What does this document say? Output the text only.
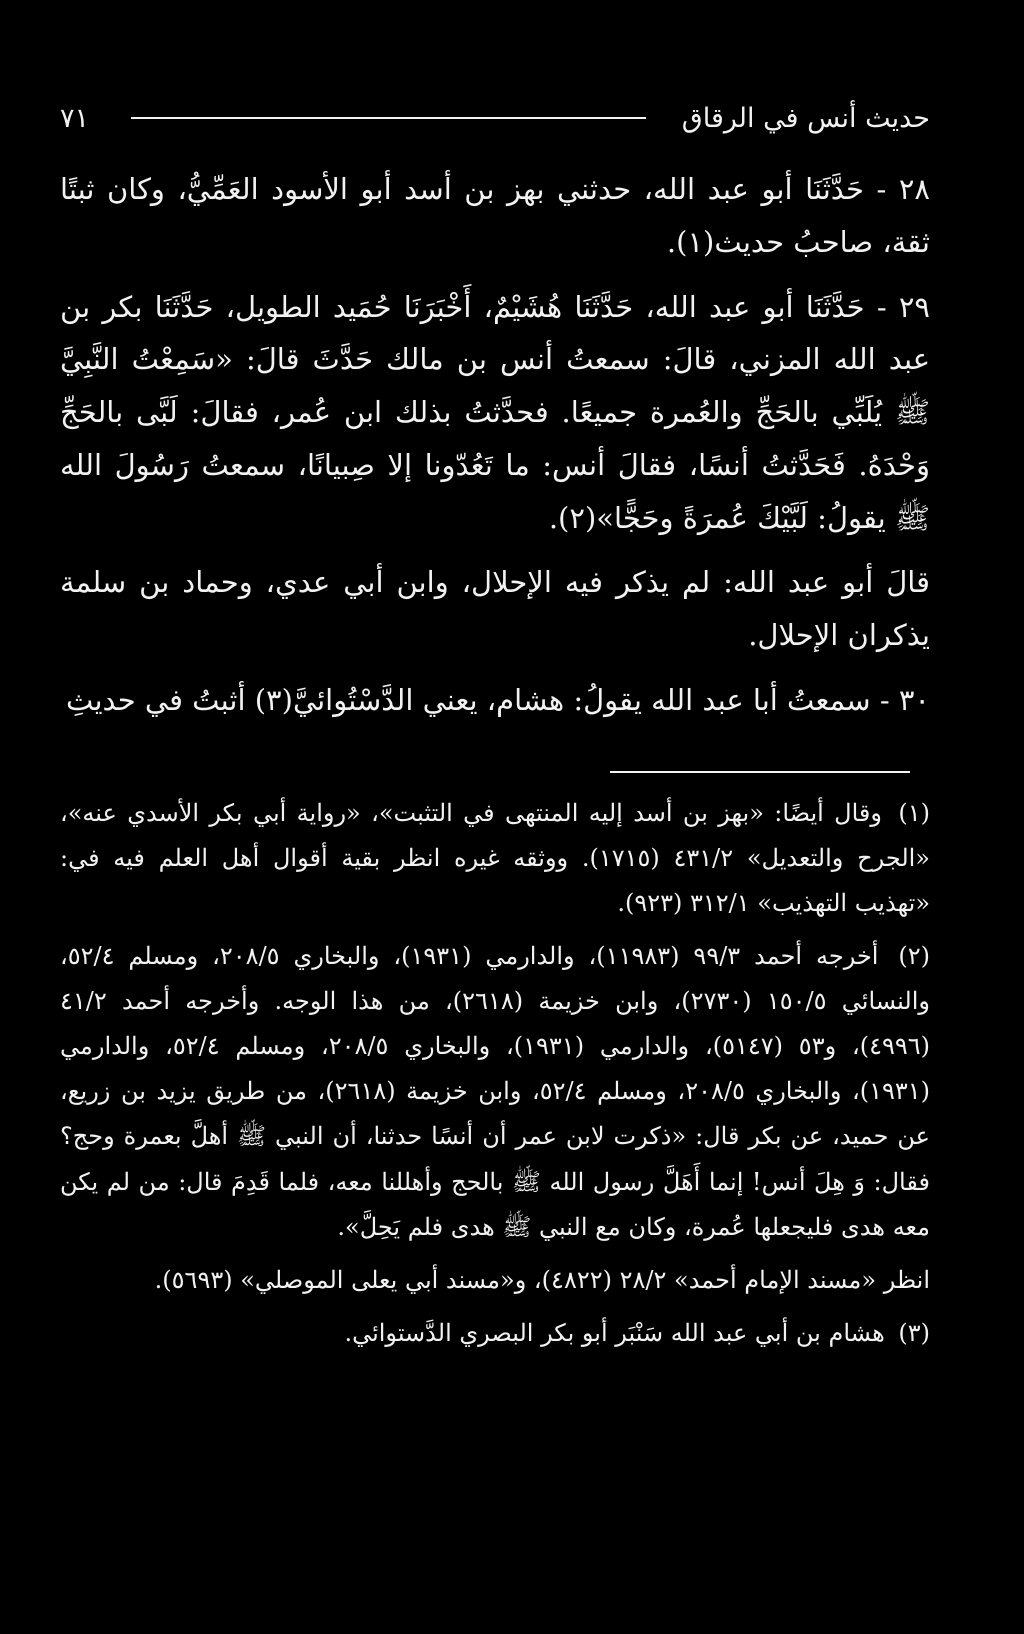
حديث أنس في الرقاق
٧١

٢٨ - حَدَّثَنَا أبو عبد الله، حدثني بهز بن أسد أبو الأسود العَمِّيُّ، وكان ثبتًا ثقة، صاحبُ حديث(١).

٢٩ - حَدَّثَنَا أبو عبد الله، حَدَّثَنَا هُشَيْمٌ، أَخْبَرَنَا حُمَيد الطويل، حَدَّثَنَا بكر بن عبد الله المزني، قالَ: سمعتُ أنس بن مالك حَدَّثَ قالَ: «سَمِعْتُ النَّبِيَّ ﷺ يُلَبِّي بالحَجِّ والعُمرة جميعًا. فحدَّثتُ بذلك ابن عُمر، فقالَ: لَبَّى بالحَجِّ وَحْدَهُ. فَحَدَّثتُ أنسًا، فقالَ أنس: ما تَعُدّونا إلا صِبيانًا، سمعتُ رَسُولَ الله ﷺ يقولُ: لَبَّيْكَ عُمرَةً وحَجًّا»(٢).

قالَ أبو عبد الله: لم يذكر فيه الإحلال، وابن أبي عدي، وحماد بن سلمة يذكران الإحلال.

٣٠ - سمعتُ أبا عبد الله يقولُ: هشام، يعني الدَّسْتُوائيَّ(٣) أثبتُ في حديثِ

(١) وقال أيضًا: «بهز بن أسد إليه المنتهى في التثبت»، «رواية أبي بكر الأسدي عنه»، «الجرح والتعديل» ٤٣١/٢ (١٧١٥). ووثقه غيره انظر بقية أقوال أهل العلم فيه في: «تهذيب التهذيب» ٣١٢/١ (٩٢٣).

(٢) أخرجه أحمد ٩٩/٣ (١١٩٨٣)، والدارمي (١٩٣١)، والبخاري ٢٠٨/٥، ومسلم ٥٢/٤، والنسائي ١٥٠/٥ (٢٧٣٠)، وابن خزيمة (٢٦١٨)، من هذا الوجه. وأخرجه أحمد ٤١/٢ (٤٩٩٦)، و٥٣ (٥١٤٧)، والدارمي (١٩٣١)، والبخاري ٢٠٨/٥، ومسلم ٥٢/٤، والدارمي (١٩٣١)، والبخاري ٢٠٨/٥، ومسلم ٥٢/٤، وابن خزيمة (٢٦١٨)، من طريق يزيد بن زريع، عن حميد، عن بكر قال: «ذكرت لابن عمر أن أنسًا حدثنا، أن النبي ﷺ أهلَّ بعمرة وحج؟ فقال: وَ هِلَ أنس! إنما أَهَلَّ رسول الله ﷺ بالحج وأهللنا معه، فلما قَدِمَ قال: من لم يكن معه هدى فليجعلها عُمرة، وكان مع النبي ﷺ هدى فلم يَحِلَّ».

انظر «مسند الإمام أحمد» ٢٨/٢ (٤٨٢٢)، و«مسند أبي يعلى الموصلي» (٥٦٩٣).

(٣) هشام بن أبي عبد الله سَنْبَر أبو بكر البصري الدَّستوائي.
